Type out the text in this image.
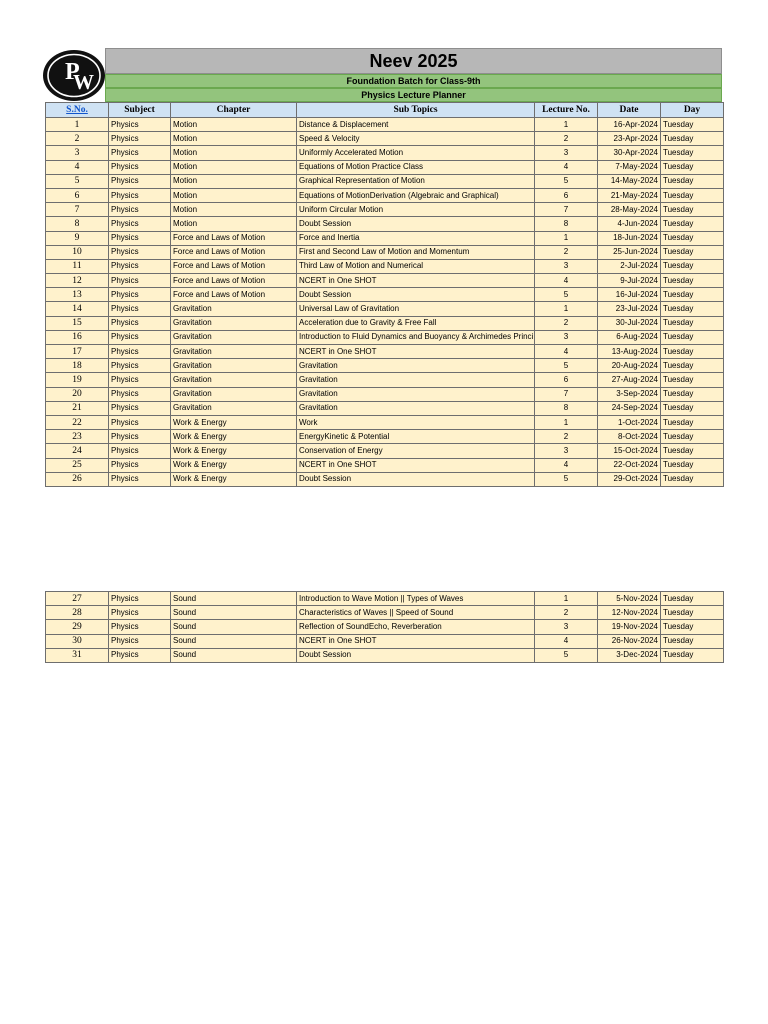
P
W
Neev 2025
Foundation Batch for Class-9th
Physics Lecture Planner
S.No.	Subject	Chapter	Sub Topics	Lecture No.	Date	Day
1	Physics	Motion	Distance & Displacement	1	16-Apr-2024	Tuesday
2	Physics	Motion	Speed & Velocity	2	23-Apr-2024	Tuesday
3	Physics	Motion	Uniformly Accelerated Motion	3	30-Apr-2024	Tuesday
4	Physics	Motion	Equations of Motion Practice Class	4	7-May-2024	Tuesday
5	Physics	Motion	Graphical Representation of Motion	5	14-May-2024	Tuesday
6	Physics	Motion	Equations of MotionDerivation (Algebraic and Graphical)	6	21-May-2024	Tuesday
7	Physics	Motion	Uniform Circular Motion	7	28-May-2024	Tuesday
8	Physics	Motion	Doubt Session	8	4-Jun-2024	Tuesday
9	Physics	Force and Laws of Motion	Force and Inertia	1	18-Jun-2024	Tuesday
10	Physics	Force and Laws of Motion	First and Second Law of Motion and Momentum	2	25-Jun-2024	Tuesday
11	Physics	Force and Laws of Motion	Third Law of Motion and Numerical	3	2-Jul-2024	Tuesday
12	Physics	Force and Laws of Motion	NCERT in One SHOT	4	9-Jul-2024	Tuesday
13	Physics	Force and Laws of Motion	Doubt Session	5	16-Jul-2024	Tuesday
14	Physics	Gravitation	Universal Law of Gravitation	1	23-Jul-2024	Tuesday
15	Physics	Gravitation	Acceleration due to Gravity & Free Fall	2	30-Jul-2024	Tuesday
16	Physics	Gravitation	Introduction to Fluid Dynamics and Buoyancy & Archimedes Princi	3	6-Aug-2024	Tuesday
17	Physics	Gravitation	NCERT in One SHOT	4	13-Aug-2024	Tuesday
18	Physics	Gravitation	Gravitation	5	20-Aug-2024	Tuesday
19	Physics	Gravitation	Gravitation	6	27-Aug-2024	Tuesday
20	Physics	Gravitation	Gravitation	7	3-Sep-2024	Tuesday
21	Physics	Gravitation	Gravitation	8	24-Sep-2024	Tuesday
22	Physics	Work & Energy	Work	1	1-Oct-2024	Tuesday
23	Physics	Work & Energy	EnergyKinetic & Potential	2	8-Oct-2024	Tuesday
24	Physics	Work & Energy	Conservation of Energy	3	15-Oct-2024	Tuesday
25	Physics	Work & Energy	NCERT in One SHOT	4	22-Oct-2024	Tuesday
26	Physics	Work & Energy	Doubt Session	5	29-Oct-2024	Tuesday
27	Physics	Sound	Introduction to Wave Motion || Types of Waves	1	5-Nov-2024	Tuesday
28	Physics	Sound	Characteristics of Waves || Speed of Sound	2	12-Nov-2024	Tuesday
29	Physics	Sound	Reflection of SoundEcho, Reverberation	3	19-Nov-2024	Tuesday
30	Physics	Sound	NCERT in One SHOT	4	26-Nov-2024	Tuesday
31	Physics	Sound	Doubt Session	5	3-Dec-2024	Tuesday
